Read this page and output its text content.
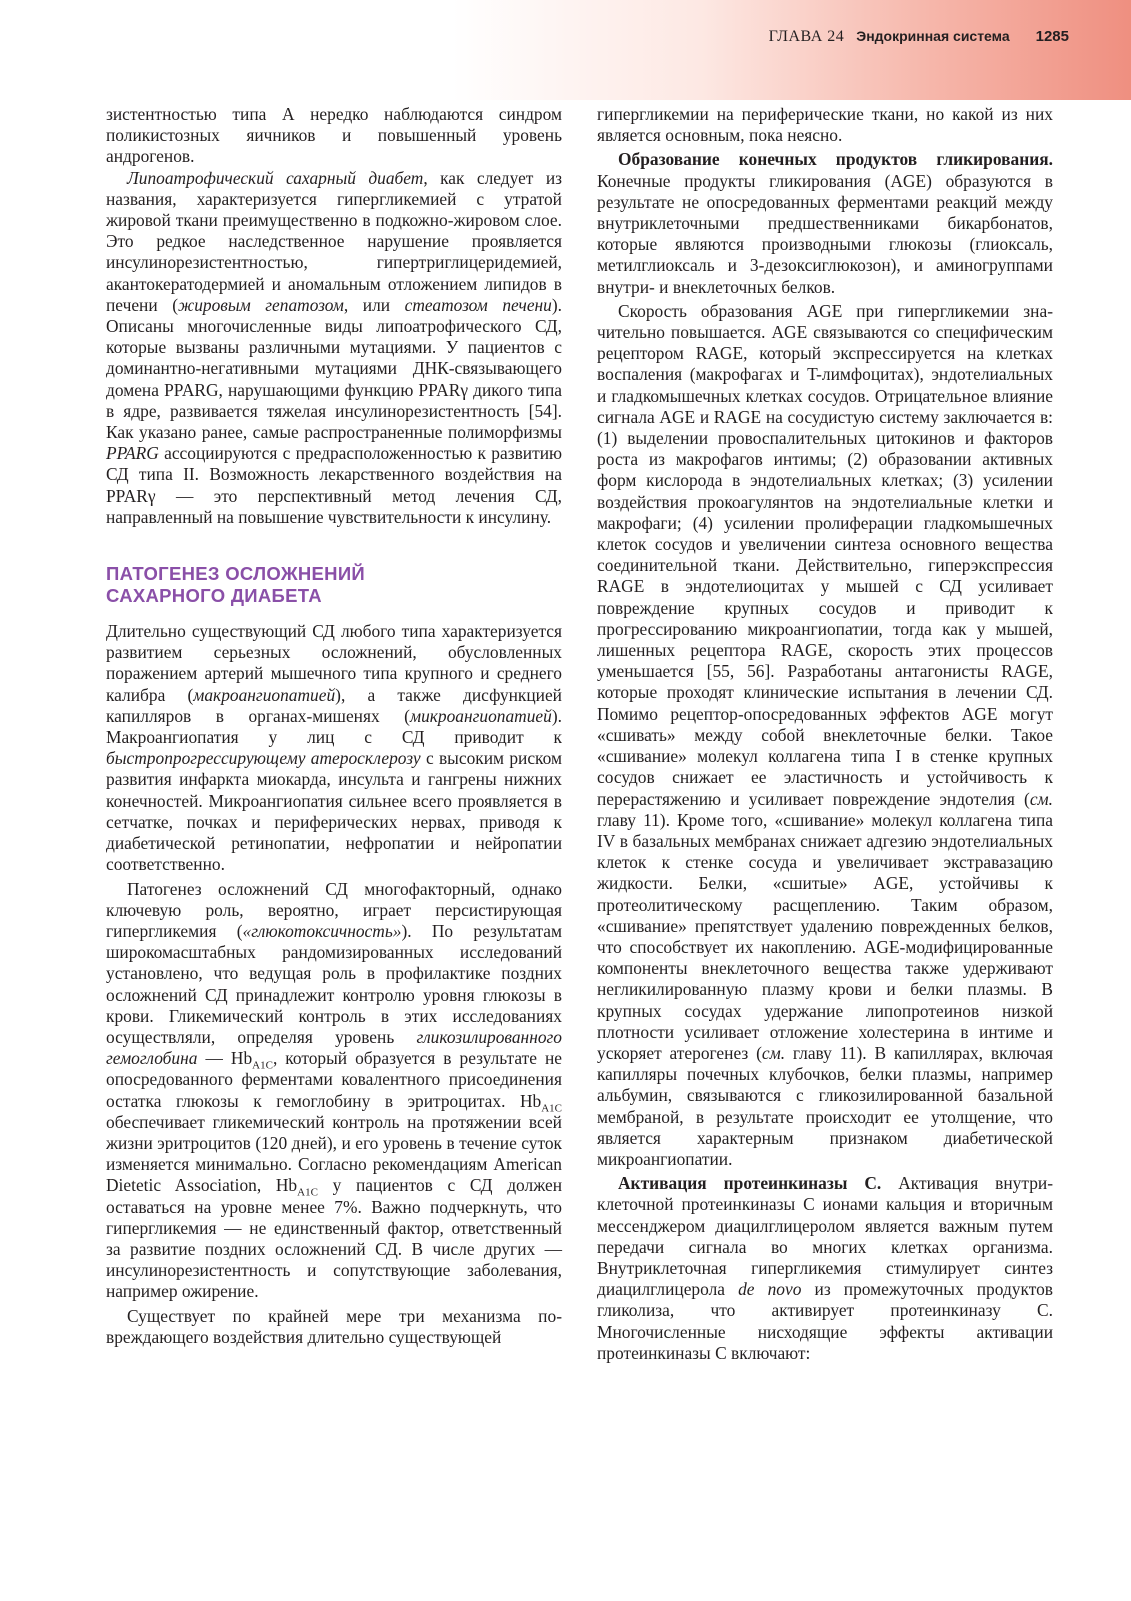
ГЛАВА 24 Эндокринная система 1285

зистентностью типа А нередко наблюдаются синдром поликистозных яичников и повышенный уровень андрогенов.

Липоатрофический сахарный диабет, как следует из названия, характеризуется гипергликемией с утратой жировой ткани преимущественно в подкожно-жировом слое. Это редкое наследственное нарушение проявляется инсулинорезистентностью, гипертриглицеридемией, акантокератодермией и аномальным отложением липидов в печени (жировым гепатозом, или стеатозом печени). Описаны многочисленные виды липоатрофического СД, которые вызваны различными мутациями. У пациентов с доминантно-негативными мутациями ДНК-связывающего домена PPARG, нарушающими функцию PPARγ дикого типа в ядре, развивается тяжелая инсулинорезистентность [54]. Как указано ранее, самые распространенные полиморфизмы PPARG ассоциируются с предрасположенностью к развитию СД типа II. Возможность лекарственного воздействия на PPARγ — это перспективный метод лечения СД, направленный на повышение чувствительности к инсулину.

ПАТОГЕНЕЗ ОСЛОЖНЕНИЙ
САХАРНОГО ДИАБЕТА

Длительно существующий СД любого типа характеризуется развитием серьезных осложнений, обусловленных поражением артерий мышечного типа крупного и среднего калибра (макроангиопатией), а также дисфункцией капилляров в органах-мишенях (микроангиопатией). Макроангиопатия у лиц с СД приводит к быстропрогрессирующему атеросклерозу с высоким риском развития инфаркта миокарда, инсульта и гангрены нижних конечностей. Микроангиопатия сильнее всего проявляется в сетчатке, почках и периферических нервах, приводя к диабетической ретинопатии, нефропатии и нейропатии соответственно.

Патогенез осложнений СД многофакторный, однако ключевую роль, вероятно, играет персистирующая гипергликемия («глюкотоксичность»). По результатам широкомасштабных рандомизированных исследований установлено, что ведущая роль в профилактике поздних осложнений СД принадлежит контролю уровня глюкозы в крови. Гликемический контроль в этих исследованиях осуществляли, определяя уровень гликозилированного гемоглобина — $Hb_{A1C}$, который образуется в результате не опосредованного ферментами ковалентного присоединения остатка глюкозы к гемоглобину в эритроцитах. $Hb_{A1C}$ обеспечивает гликемический контроль на протяжении всей жизни эритроцитов (120 дней), и его уровень в течение суток изменяется минимально. Согласно рекомендациям American Dietetic Association, $Hb_{A1C}$ у пациентов с СД должен оставаться на уровне менее 7%. Важно подчеркнуть, что гипергликемия — не единственный фактор, ответственный за развитие поздних осложнений СД. В числе других — инсулинорезистентность и сопутствующие заболевания, например ожирение.

Существует по крайней мере три механизма повреждающего воздействия длительно существующей

гипергликемии на периферические ткани, но какой из них является основным, пока неясно.

Образование конечных продуктов гликирования. Конечные продукты гликирования (AGE) образуются в результате не опосредованных ферментами реакций между внутриклеточными предшественниками бикарбонатов, которые являются производными глюкозы (глиоксаль, метилглиоксаль и 3-дезоксиглюкозон), и аминогруппами внутри- и внеклеточных белков.

Скорость образования AGE при гипергликемии значительно повышается. AGE связываются со специфическим рецептором RAGE, который экспрессируется на клетках воспаления (макрофагах и T-лимфоцитах), эндотелиальных и гладкомышечных клетках сосудов. Отрицательное влияние сигнала AGE и RAGE на сосудистую систему заключается в: (1) выделении провоспалительных цитокинов и факторов роста из макрофагов интимы; (2) образовании активных форм кислорода в эндотелиальных клетках; (3) усилении воздействия прокоагулянтов на эндотелиальные клетки и макрофаги; (4) усилении пролиферации гладкомышечных клеток сосудов и увеличении синтеза основного вещества соединительной ткани. Действительно, гиперэкспрессия RAGE в эндотелиоцитах у мышей с СД усиливает повреждение крупных сосудов и приводит к прогрессированию микроангиопатии, тогда как у мышей, лишенных рецептора RAGE, скорость этих процессов уменьшается [55, 56]. Разработаны антагонисты RAGE, которые проходят клинические испытания в лечении СД. Помимо рецептор-опосредованных эффектов AGE могут «сшивать» между собой внеклеточные белки. Такое «сшивание» молекул коллагена типа I в стенке крупных сосудов снижает ее эластичность и устойчивость к перерастяжению и усиливает повреждение эндотелия (см. главу 11). Кроме того, «сшивание» молекул коллагена типа IV в базальных мембранах снижает адгезию эндотелиальных клеток к стенке сосуда и увеличивает экстравазацию жидкости. Белки, «сшитые» AGE, устойчивы к протеолитическому расщеплению. Таким образом, «сшивание» препятствует удалению поврежденных белков, что способствует их накоплению. AGE-модифицированные компоненты внеклеточного вещества также удерживают негликилированную плазму крови и белки плазмы. В крупных сосудах удержание липопротеинов низкой плотности усиливает отложение холестерина в интиме и ускоряет атерогенез (см. главу 11). В капиллярах, включая капилляры почечных клубочков, белки плазмы, например альбумин, связываются с гликозилированной базальной мембраной, в результате происходит ее утолщение, что является характерным признаком диабетической микроангиопатии.

Активация протеинкиназы С. Активация внутриклеточной протеинкиназы С ионами кальция и вторичным мессенджером диацилглицеролом является важным путем передачи сигнала во многих клетках организма. Внутриклеточная гипергликемия стимулирует синтез диацилглицерола de novo из промежуточных продуктов гликолиза, что активирует протеинкиназу С. Многочисленные нисходящие эффекты активации протеинкиназы С включают:
